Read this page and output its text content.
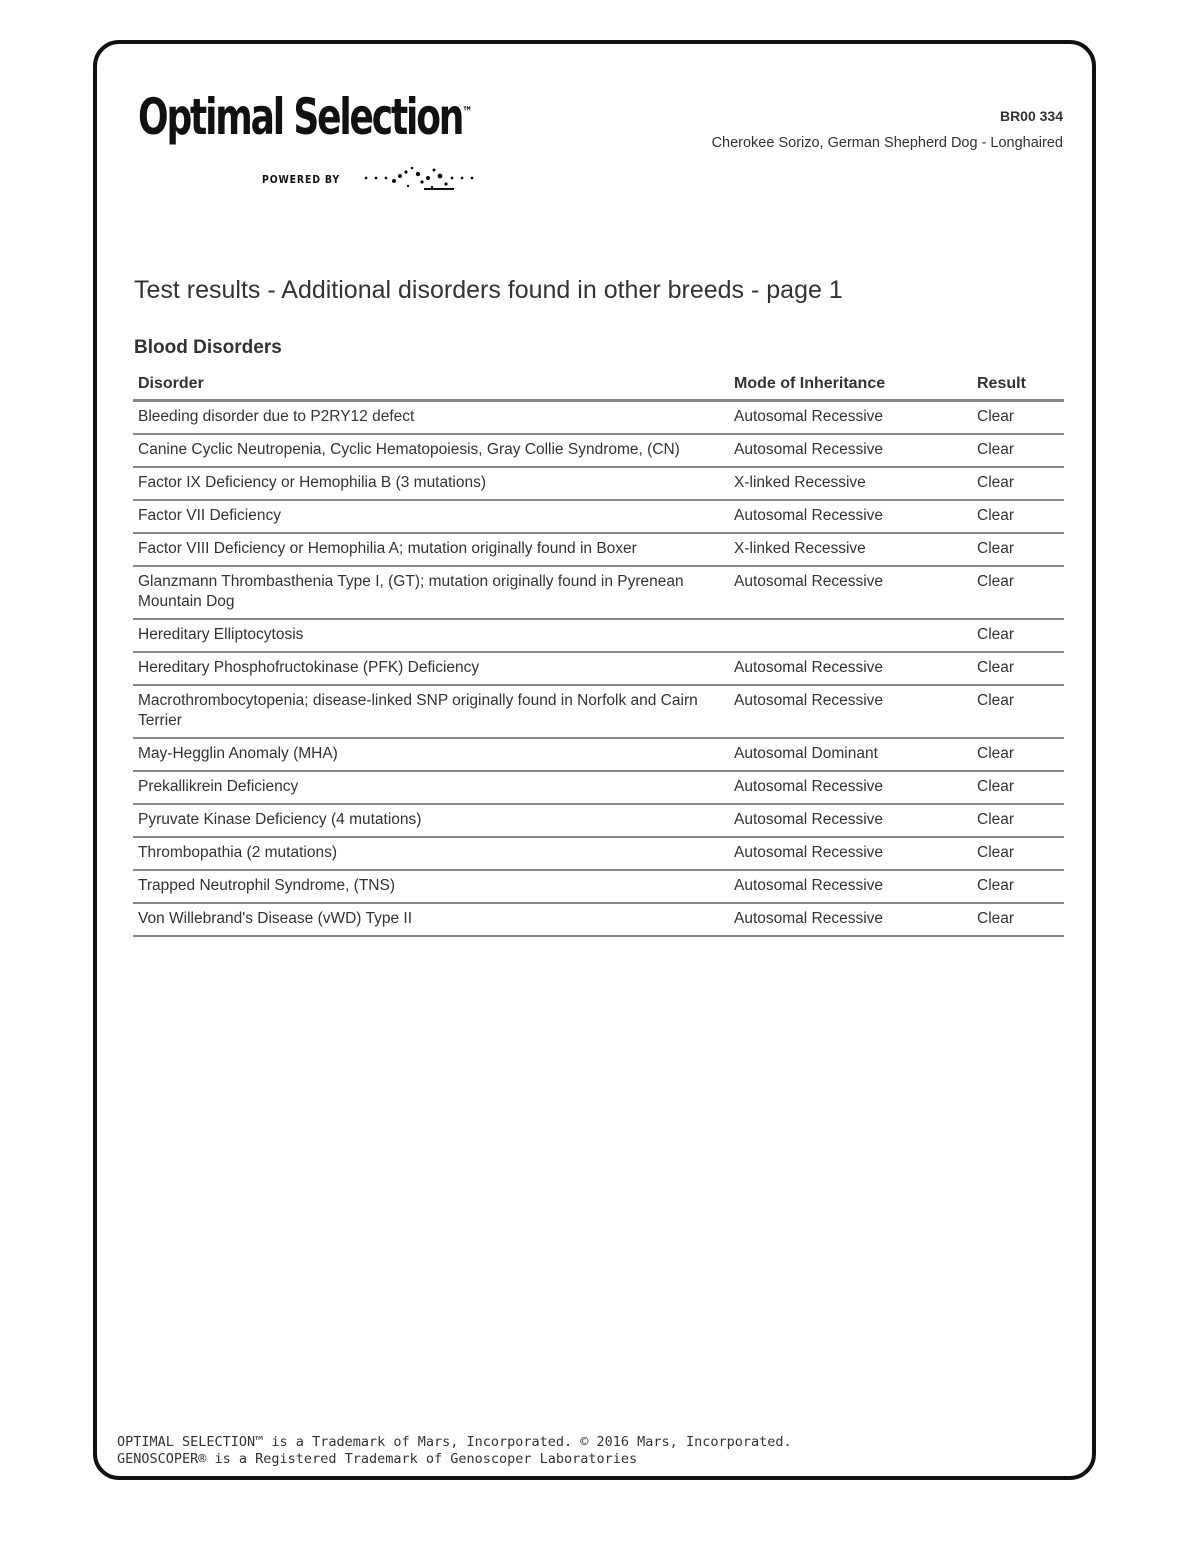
Optimal Selection™
POWERED BY
BR00 334
Cherokee Sorizo, German Shepherd Dog - Longhaired
Test results - Additional disorders found in other breeds - page 1
Blood Disorders
Disorder	Mode of Inheritance	Result
Bleeding disorder due to P2RY12 defect	Autosomal Recessive	Clear
Canine Cyclic Neutropenia, Cyclic Hematopoiesis, Gray Collie Syndrome, (CN)	Autosomal Recessive	Clear
Factor IX Deficiency or Hemophilia B (3 mutations)	X-linked Recessive	Clear
Factor VII Deficiency	Autosomal Recessive	Clear
Factor VIII Deficiency or Hemophilia A; mutation originally found in Boxer	X-linked Recessive	Clear
Glanzmann Thrombasthenia Type I, (GT); mutation originally found in Pyrenean Mountain Dog	Autosomal Recessive	Clear
Hereditary Elliptocytosis		Clear
Hereditary Phosphofructokinase (PFK) Deficiency	Autosomal Recessive	Clear
Macrothrombocytopenia; disease-linked SNP originally found in Norfolk and Cairn Terrier	Autosomal Recessive	Clear
May-Hegglin Anomaly (MHA)	Autosomal Dominant	Clear
Prekallikrein Deficiency	Autosomal Recessive	Clear
Pyruvate Kinase Deficiency (4 mutations)	Autosomal Recessive	Clear
Thrombopathia (2 mutations)	Autosomal Recessive	Clear
Trapped Neutrophil Syndrome, (TNS)	Autosomal Recessive	Clear
Von Willebrand's Disease (vWD) Type II	Autosomal Recessive	Clear
OPTIMAL SELECTION™ is a Trademark of Mars, Incorporated. © 2016 Mars, Incorporated.
GENOSCOPER® is a Registered Trademark of Genoscoper Laboratories
